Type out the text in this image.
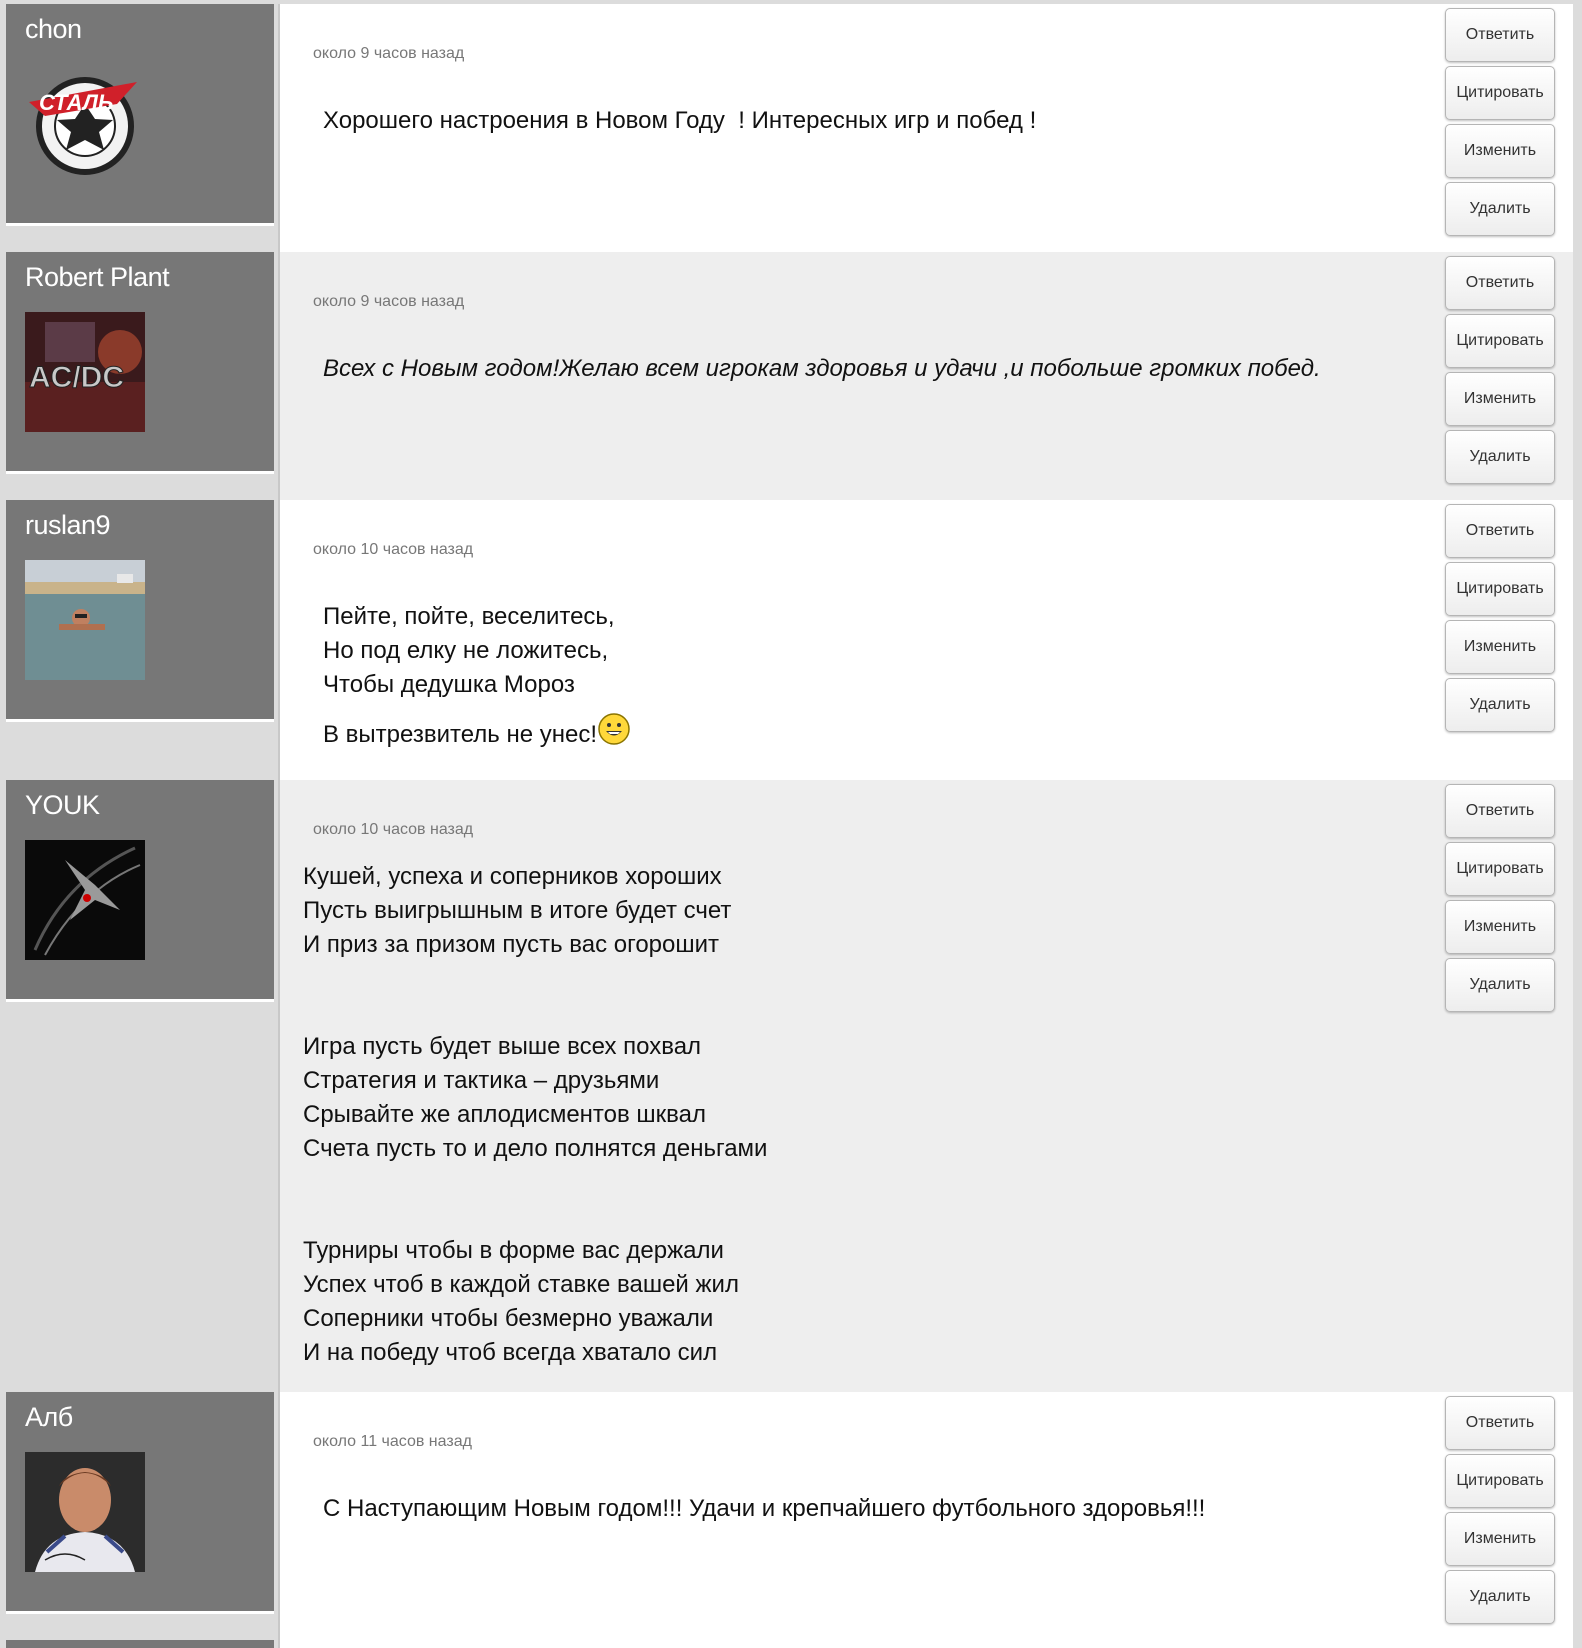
chon
СТАЛЬ
около 9 часов назад
Хорошего настроения в Новом Году  ! Интересных игр и побед !
Ответить
Цитировать
Изменить
Удалить
Robert Plant
AC/DC
около 9 часов назад
Всех с Новым годом!Желаю всем игрокам здоровья и удачи ,и побольше громких побед.
Ответить
Цитировать
Изменить
Удалить
ruslan9
около 10 часов назад
Пейте, пойте, веселитесь,
Но под елку не ложитесь,
Чтобы дедушка Мороз
В вытрезвитель не унес!
Ответить
Цитировать
Изменить
Удалить
YOUK
около 10 часов назад
Кушей, успеха и соперников хороших
Пусть выигрышным в итоге будет счет
И приз за призом пусть вас огорошит
Игра пусть будет выше всех похвал
Стратегия и тактика – друзьями
Срывайте же аплодисментов шквал
Счета пусть то и дело полнятся деньгами
Турниры чтобы в форме вас держали
Успех чтоб в каждой ставке вашей жил
Соперники чтобы безмерно уважали
И на победу чтоб всегда хватало сил
Ответить
Цитировать
Изменить
Удалить
Алб
около 11 часов назад
С Наступающим Новым годом!!! Удачи и крепчайшего футбольного здоровья!!!
Ответить
Цитировать
Изменить
Удалить
